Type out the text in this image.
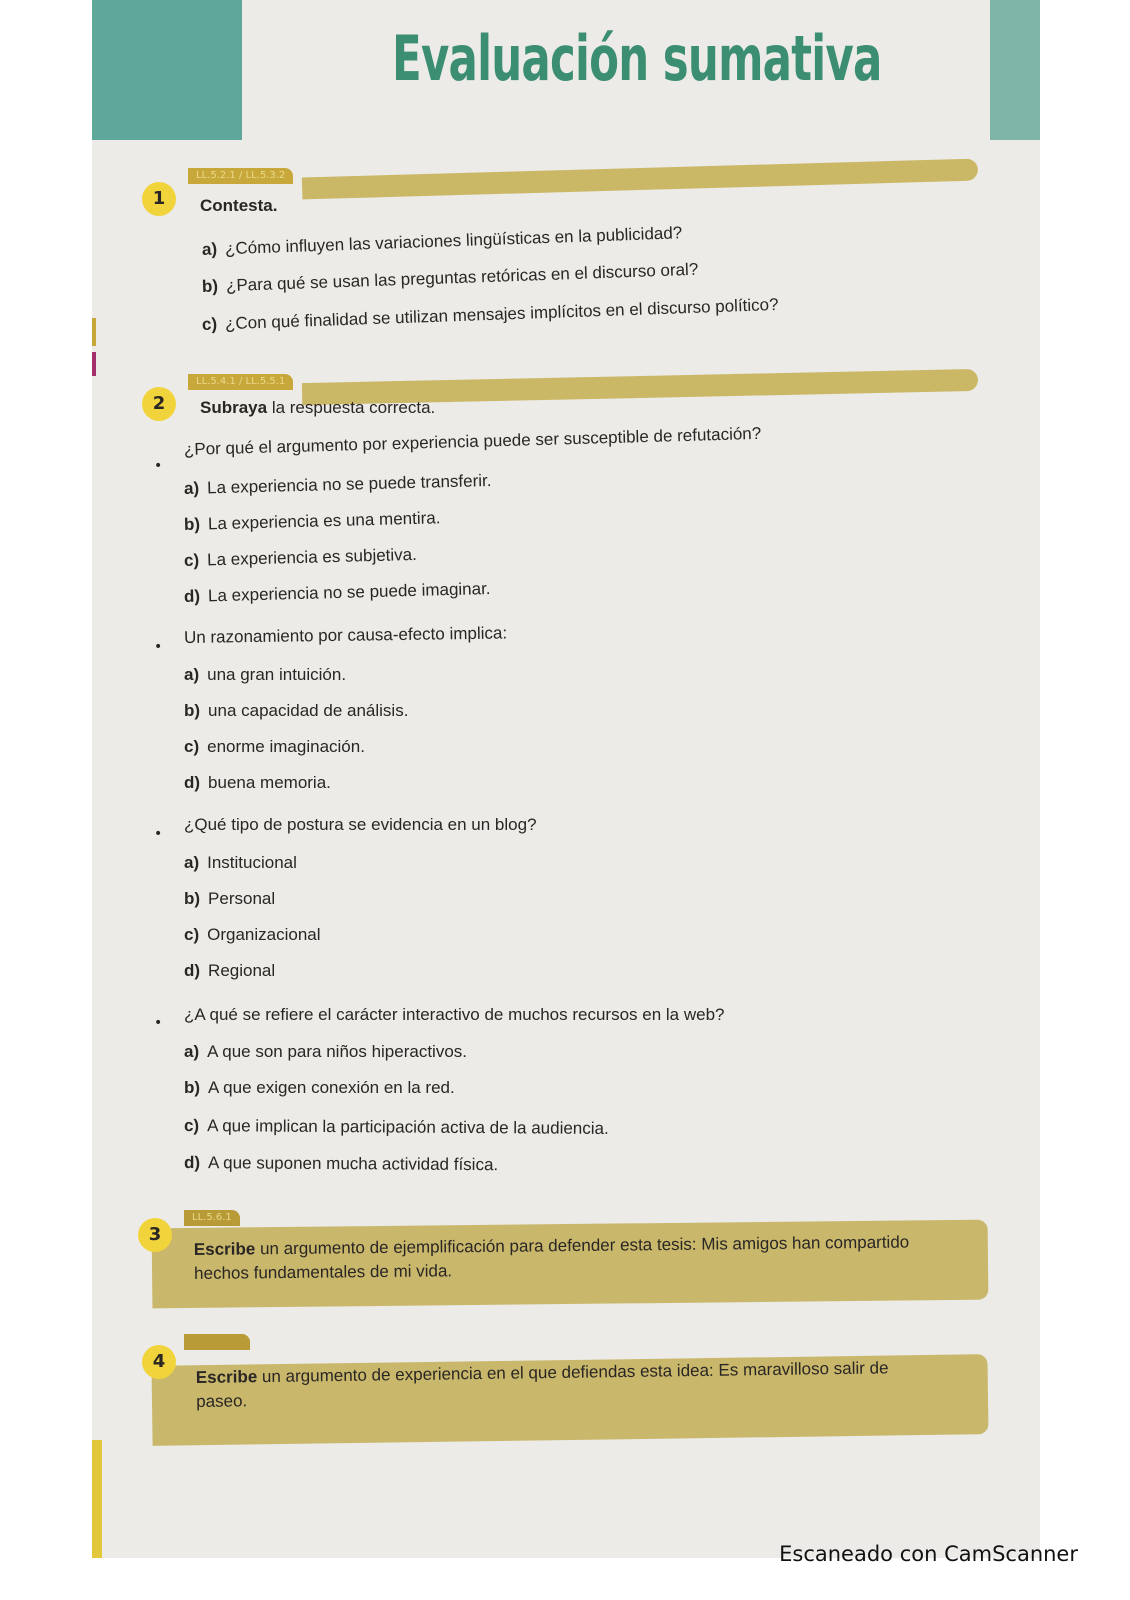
Evaluación sumativa
LL.5.2.1 / LL.5.3.2
1	Contesta.
a) ¿Cómo influyen las variaciones lingüísticas en la publicidad?
b) ¿Para qué se usan las preguntas retóricas en el discurso oral?
c) ¿Con qué finalidad se utilizan mensajes implícitos en el discurso político?
LL.5.4.1 / LL.5.5.1
2	Subraya la respuesta correcta.
•
¿Por qué el argumento por experiencia puede ser susceptible de refutación?
a) La experiencia no se puede transferir.
b) La experiencia es una mentira.
c) La experiencia es subjetiva.
d) La experiencia no se puede imaginar.
•
Un razonamiento por causa-efecto implica:
a) una gran intuición.
b) una capacidad de análisis.
c) enorme imaginación.
d) buena memoria.
• ¿Qué tipo de postura se evidencia en un blog?
a) Institucional
b) Personal
c) Organizacional
d) Regional
• ¿A qué se refiere el carácter interactivo de muchos recursos en la web?
a) A que son para niños hiperactivos.
b) A que exigen conexión en la red.
c) A que implican la participación activa de la audiencia.
d) A que suponen mucha actividad física.
LL.5.6.1
3
Escribe un argumento de ejemplificación para defender esta tesis: Mis amigos han compartido
hechos fundamentales de mi vida.
4
Escribe un argumento de experiencia en el que defiendas esta idea: Es maravilloso salir de
paseo.
Escaneado con CamScanner
